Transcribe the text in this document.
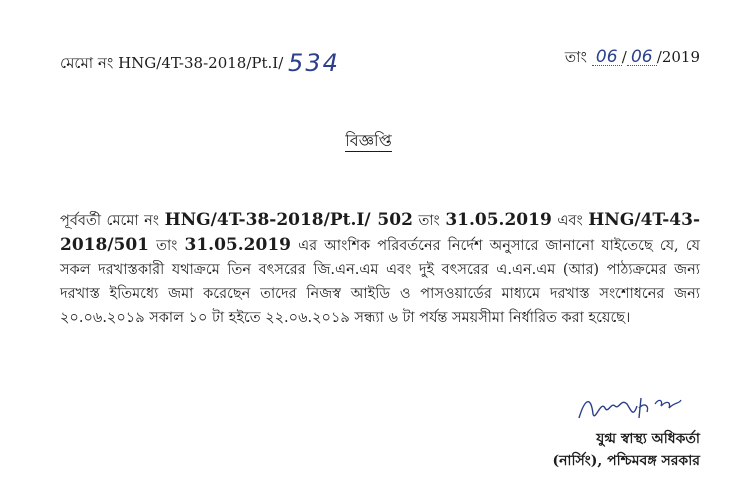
মেমো নং HNG/4T-38-2018/Pt.I/ 534	তাং 06 / 06 /2019
বিজ্ঞপ্তি
পূর্ববর্তী মেমো নং HNG/4T-38-2018/Pt.I/ 502 তাং 31.05.2019 এবং HNG/4T-43-2018/501 তাং 31.05.2019 এর আংশিক পরিবর্তনের নির্দেশ অনুসারে জানানো যাইতেছে যে, যে সকল দরখাস্তকারী যথাক্রমে তিন বৎসরের জি.এন.এম এবং দুই বৎসরের এ.এন.এম (আর) পাঠ্যক্রমের জন্য দরখাস্ত ইতিমধ্যে জমা করেছেন তাদের নিজস্ব আইডি ও পাসওয়ার্ডের মাধ্যমে দরখাস্ত সংশোধনের জন্য ২০.০৬.২০১৯ সকাল ১০ টা হইতে ২২.০৬.২০১৯ সন্ধ্যা ৬ টা পর্যন্ত সময়সীমা নির্ধারিত করা হয়েছে।
যুগ্ম স্বাস্থ্য অধিকর্তা
(নার্সিং), পশ্চিমবঙ্গ সরকার
